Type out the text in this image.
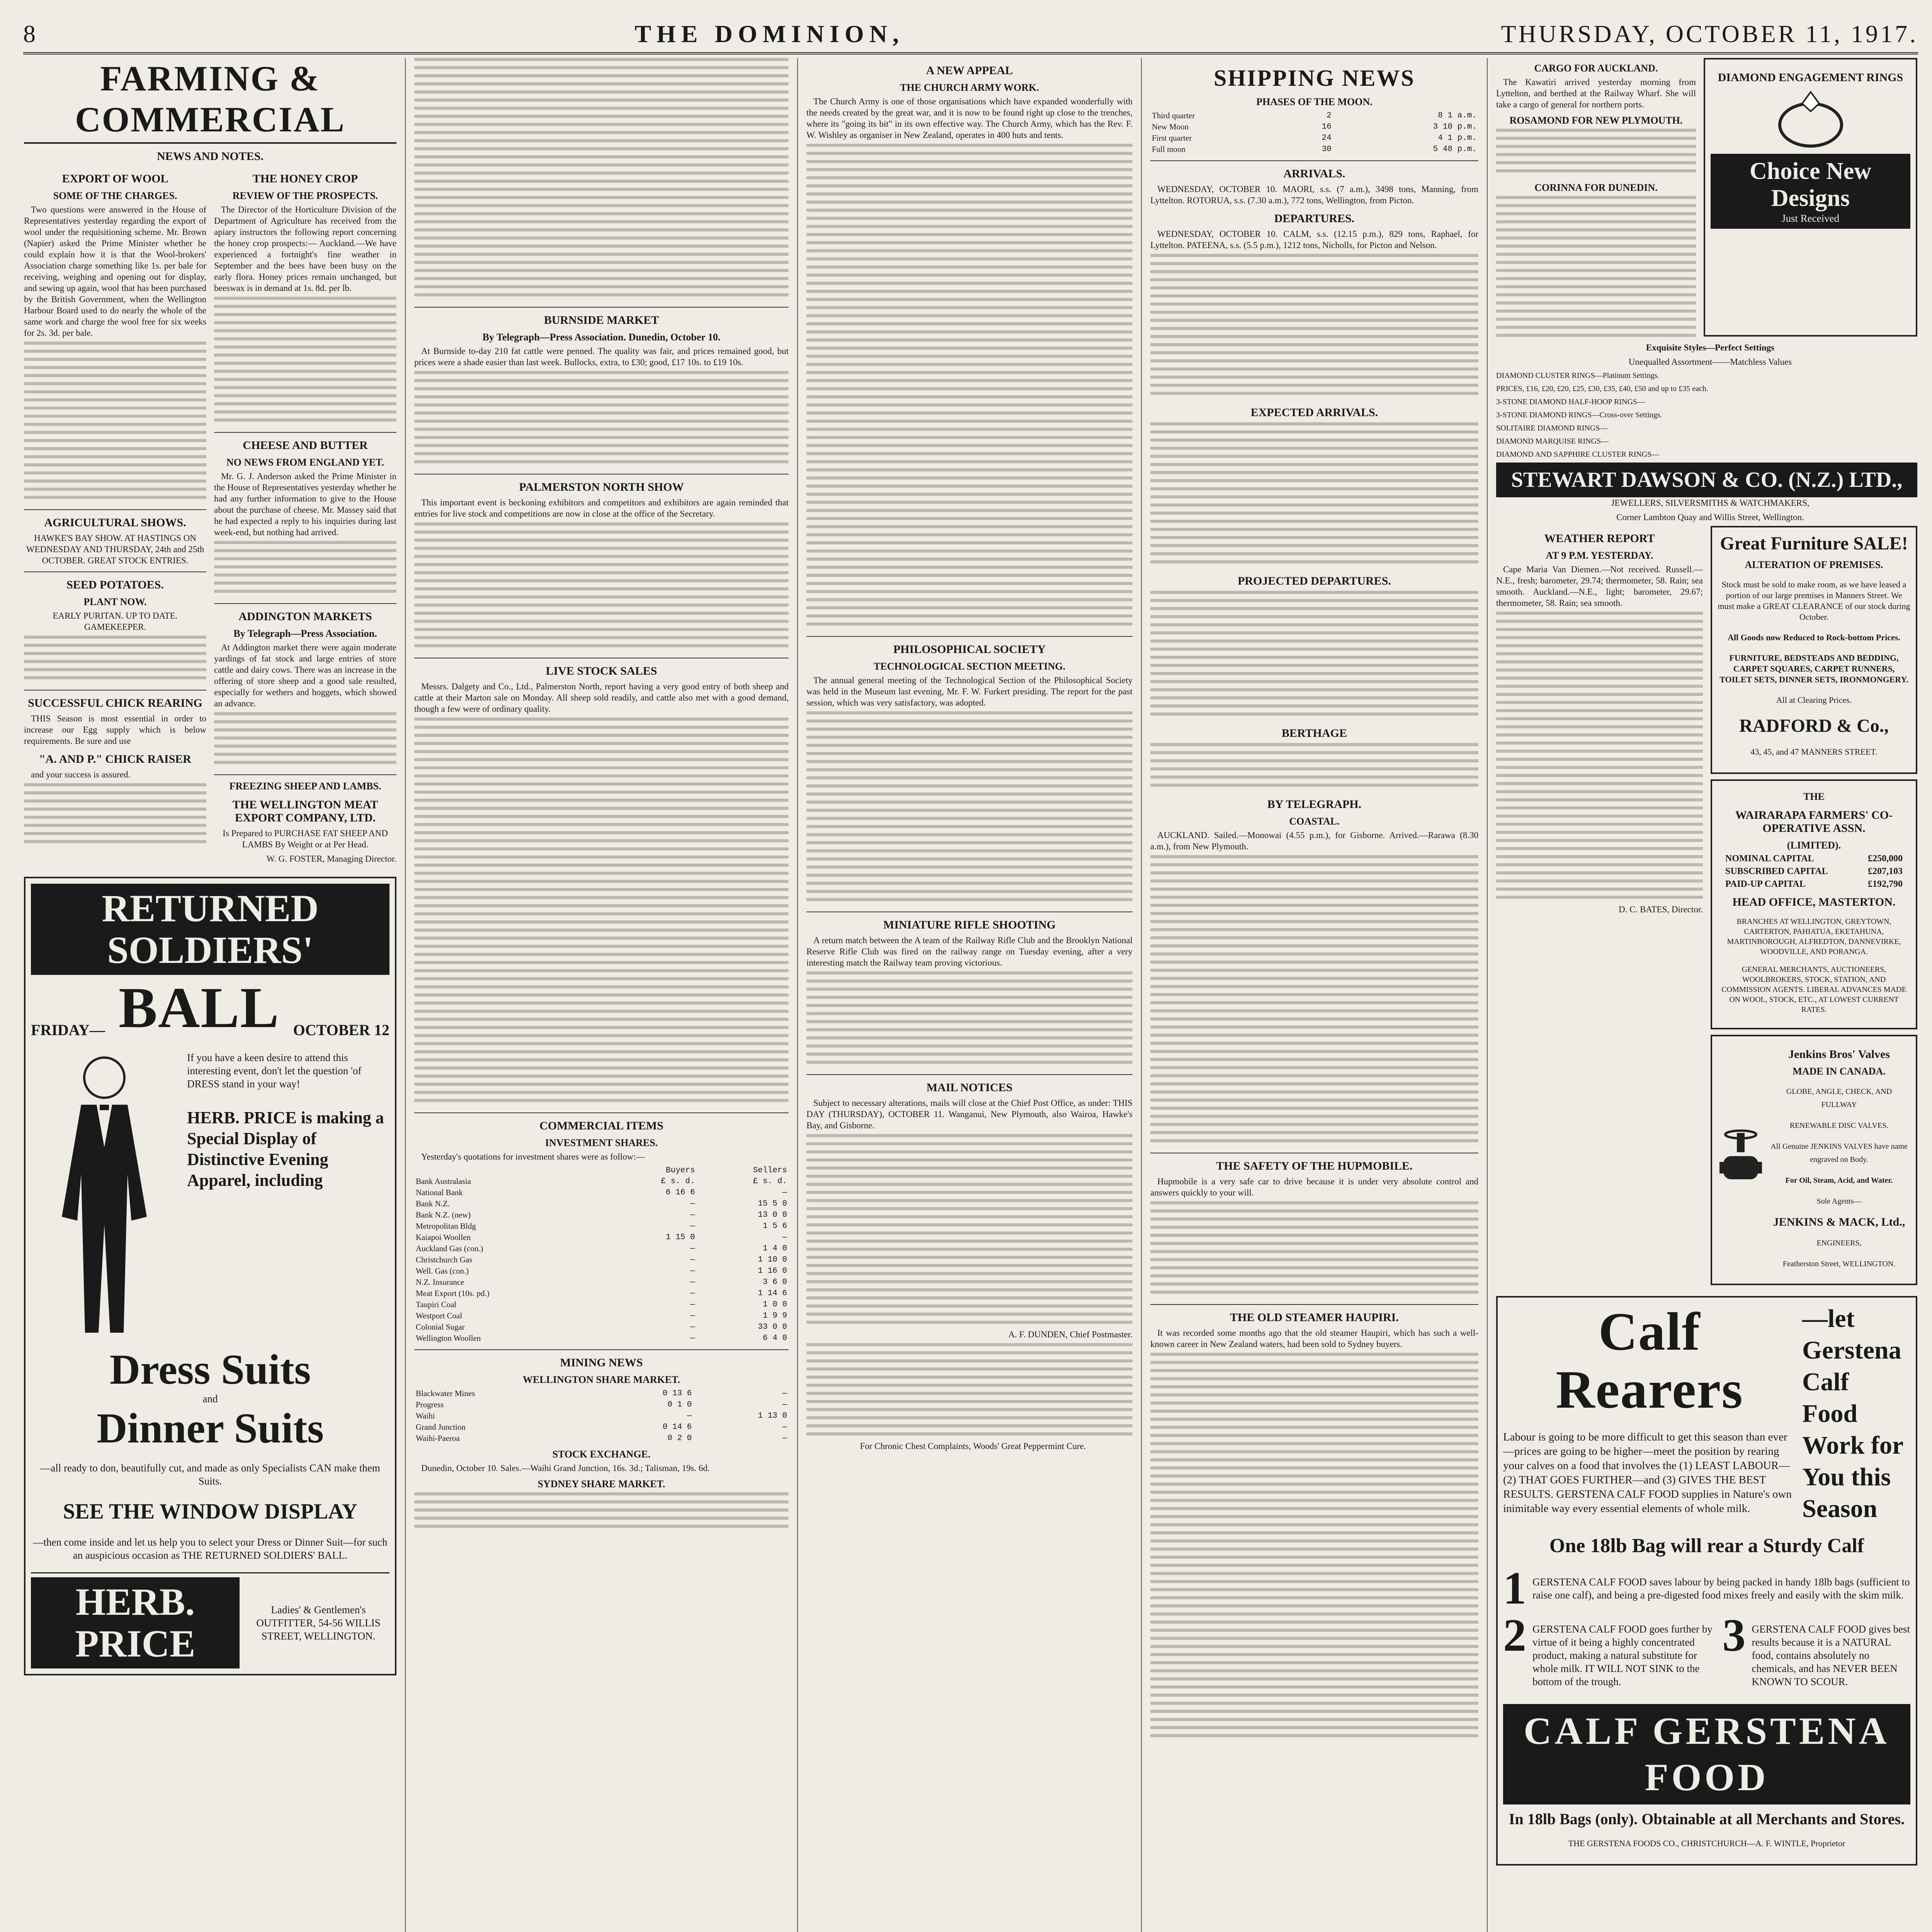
8	THE DOMINION,	THURSDAY, OCTOBER 11, 1917.
FARMING & COMMERCIAL
NEWS AND NOTES.
EXPORT OF WOOL
SOME OF THE CHARGES.

Two questions were answered in the House of Representatives yesterday regarding the export of wool under the requisitioning scheme. Mr. Brown (Napier) asked the Prime Minister whether he could explain how it is that the Wool-brokers' Association charge something like 1s. per bale for receiving, weighing and opening out for display, and sewing up again, wool that has been purchased by the British Government, when the Wellington Harbour Board used to do nearly the whole of the same work and charge the wool free for six weeks for 2s. 3d. per bale.

AGRICULTURAL SHOWS.

HAWKE'S BAY SHOW. AT HASTINGS ON WEDNESDAY AND THURSDAY, 24th and 25th OCTOBER. GREAT STOCK ENTRIES.

SEED POTATOES.
PLANT NOW.

EARLY PURITAN. UP TO DATE. GAMEKEEPER.

SUCCESSFUL CHICK REARING

THIS Season is most essential in order to increase our Egg supply which is below requirements. Be sure and use

"A. AND P." CHICK RAISER

and your success is assured.

THE HONEY CROP
REVIEW OF THE PROSPECTS.

The Director of the Horticulture Division of the Department of Agriculture has received from the apiary instructors the following report concerning the honey crop prospects:— Auckland.—We have experienced a fortnight's fine weather in September and the bees have been busy on the early flora. Honey prices remain unchanged, but beeswax is in demand at 1s. 8d. per lb.

CHEESE AND BUTTER
NO NEWS FROM ENGLAND YET.

Mr. G. J. Anderson asked the Prime Minister in the House of Representatives yesterday whether he had any further information to give to the House about the purchase of cheese. Mr. Massey said that he had expected a reply to his inquiries during last week-end, but nothing had arrived.

ADDINGTON MARKETS
By Telegraph—Press Association.

At Addington market there were again moderate yardings of fat stock and large entries of store cattle and dairy cows. There was an increase in the offering of store sheep and a good sale resulted, especially for wethers and hoggets, which showed an advance.

FREEZING SHEEP AND LAMBS.
THE WELLINGTON MEAT EXPORT COMPANY, LTD.

Is Prepared to PURCHASE FAT SHEEP AND LAMBS By Weight or at Per Head.

W. G. FOSTER, Managing Director.

RETURNED SOLDIERS'
FRIDAY— BALL OCTOBER 12

If you have a keen desire to attend this interesting event, don't let the question 'of DRESS stand in your way!

HERB. PRICE is making a Special Display of Distinctive Evening Apparel, including

Dress Suits
and
Dinner Suits

—all ready to don, beautifully cut, and made as only Specialists CAN make them Suits.

SEE THE WINDOW DISPLAY

—then come inside and let us help you to select your Dress or Dinner Suit—for such an auspicious occasion as THE RETURNED SOLDIERS' BALL.

HERB. PRICE

Ladies' & Gentlemen's OUTFITTER, 54-56 WILLIS STREET, WELLINGTON.

BURNSIDE MARKET
By Telegraph—Press Association. Dunedin, October 10.

At Burnside to-day 210 fat cattle were penned. The quality was fair, and prices remained good, but prices were a shade easier than last week. Bullocks, extra, to £30; good, £17 10s. to £19 10s.

PALMERSTON NORTH SHOW

This important event is beckoning exhibitors and competitors and exhibitors are again reminded that entries for live stock and competitions are now in close at the office of the Secretary.

LIVE STOCK SALES

Messrs. Dalgety and Co., Ltd., Palmerston North, report having a very good entry of both sheep and cattle at their Marton sale on Monday. All sheep sold readily, and cattle also met with a good demand, though a few were of ordinary quality.

COMMERCIAL ITEMS
INVESTMENT SHARES.

Yesterday's quotations for investment shares were as follow:—

	Buyers	Sellers
Bank Australasia	£ s. d.	£ s. d.
National Bank	6 16 6	—
Bank N.Z.	—	15 5 0
Bank N.Z. (new)	—	13 0 0
Metropolitan Bldg	—	1 5 6
Kaiapoi Woollen	1 15 0	—
Auckland Gas (con.)	—	1 4 0
Christchurch Gas	—	1 10 0
Well. Gas (con.)	—	1 16 0
N.Z. Insurance	—	3 6 0
Meat Export (10s. pd.)	—	1 14 6
Taupiri Coal	—	1 0 0
Westport Coal	—	1 9 9
Colonial Sugar	—	33 0 0
Wellington Woollen	—	6 4 0
MINING NEWS
WELLINGTON SHARE MARKET.
Blackwater Mines	0 13 6	—
Progress	0 1 0	—
Waihi	—	1 13 0
Grand Junction	0 14 6	—
Waihi-Paeroa	0 2 0	—
STOCK EXCHANGE.

Dunedin, October 10. Sales.—Waihi Grand Junction, 16s. 3d.; Talisman, 19s. 6d.

SYDNEY SHARE MARKET.
A NEW APPEAL
THE CHURCH ARMY WORK.

The Church Army is one of those organisations which have expanded wonderfully with the needs created by the great war, and it is now to be found right up close to the trenches, where its "going its bit" in its own effective way. The Church Army, which has the Rev. F. W. Wishley as organiser in New Zealand, operates in 400 huts and tents.

PHILOSOPHICAL SOCIETY
TECHNOLOGICAL SECTION MEETING.

The annual general meeting of the Technological Section of the Philosophical Society was held in the Museum last evening, Mr. F. W. Furkert presiding. The report for the past session, which was very satisfactory, was adopted.

MINIATURE RIFLE SHOOTING

A return match between the A team of the Railway Rifle Club and the Brooklyn National Reserve Rifle Club was fired on the railway range on Tuesday evening, after a very interesting match the Railway team proving victorious.

MAIL NOTICES

Subject to necessary alterations, mails will close at the Chief Post Office, as under: THIS DAY (THURSDAY), OCTOBER 11. Wanganui, New Plymouth, also Wairoa, Hawke's Bay, and Gisborne.

A. F. DUNDEN, Chief Postmaster.

For Chronic Chest Complaints, Woods' Great Peppermint Cure.

SHIPPING NEWS
PHASES OF THE MOON.
Third quarter	2	8 1 a.m.
New Moon	16	3 10 p.m.
First quarter	24	4 1 p.m.
Full moon	30	5 48 p.m.
ARRIVALS.

WEDNESDAY, OCTOBER 10. MAORI, s.s. (7 a.m.), 3498 tons, Manning, from Lyttelton. ROTORUA, s.s. (7.30 a.m.), 772 tons, Wellington, from Picton.

DEPARTURES.

WEDNESDAY, OCTOBER 10. CALM, s.s. (12.15 p.m.), 829 tons, Raphael, for Lyttelton. PATEENA, s.s. (5.5 p.m.), 1212 tons, Nicholls, for Picton and Nelson.

EXPECTED ARRIVALS.
PROJECTED DEPARTURES.
BERTHAGE
BY TELEGRAPH.
COASTAL.

AUCKLAND. Sailed.—Monowai (4.55 p.m.), for Gisborne. Arrived.—Rarawa (8.30 a.m.), from New Plymouth.

THE SAFETY OF THE HUPMOBILE.

Hupmobile is a very safe car to drive because it is under very absolute control and answers quickly to your will.

THE OLD STEAMER HAUPIRI.

It was recorded some months ago that the old steamer Haupiri, which has such a well-known career in New Zealand waters, had been sold to Sydney buyers.

CARGO FOR AUCKLAND.

The Kawatiri arrived yesterday morning from Lyttelton, and berthed at the Railway Wharf. She will take a cargo of general for northern ports.

ROSAMOND FOR NEW PLYMOUTH.
CORINNA FOR DUNEDIN.
DIAMOND ENGAGEMENT RINGS
Choice New Designs
Just Received

Exquisite Styles—Perfect Settings

Unequalled Assortment——Matchless Values

DIAMOND CLUSTER RINGS—Platinum Settings.

PRICES, £16, £20, £20, £25, £30, £35, £40, £50 and up to £35 each.

3-STONE DIAMOND HALF-HOOP RINGS—

3-STONE DIAMOND RINGS—Cross-over Settings.

SOLITAIRE DIAMOND RINGS—

DIAMOND MARQUISE RINGS—

DIAMOND AND SAPPHIRE CLUSTER RINGS—

STEWART DAWSON & CO. (N.Z.) LTD.,

JEWELLERS, SILVERSMITHS & WATCHMAKERS,

Corner Lambton Quay and Willis Street, Wellington.

WEATHER REPORT
AT 9 P.M. YESTERDAY.

Cape Maria Van Diemen.—Not received. Russell.—N.E., fresh; barometer, 29.74; thermometer, 58. Rain; sea smooth. Auckland.—N.E., light; barometer, 29.67; thermometer, 58. Rain; sea smooth.

D. C. BATES, Director.

Great Furniture SALE!
ALTERATION OF PREMISES.

Stock must be sold to make room, as we have leased a portion of our large premises in Manners Street. We must make a GREAT CLEARANCE of our stock during October.

All Goods now Reduced to Rock-bottom Prices.

FURNITURE, BEDSTEADS AND BEDDING, CARPET SQUARES, CARPET RUNNERS, TOILET SETS, DINNER SETS, IRONMONGERY.

All at Clearing Prices.

RADFORD & Co.,

43, 45, and 47 MANNERS STREET.

THE
WAIRARAPA FARMERS' CO-OPERATIVE ASSN.
(LIMITED).
NOMINAL CAPITAL	£250,000
SUBSCRIBED CAPITAL	£207,103
PAID-UP CAPITAL	£192,790
HEAD OFFICE, MASTERTON.

BRANCHES AT WELLINGTON, GREYTOWN, CARTERTON, PAHIATUA, EKETAHUNA, MARTINBOROUGH, ALFREDTON, DANNEVIRKE, WOODVILLE, AND PORANGA.

GENERAL MERCHANTS, AUCTIONEERS, WOOLBROKERS, STOCK, STATION, AND COMMISSION AGENTS. LIBERAL ADVANCES MADE ON WOOL, STOCK, ETC., AT LOWEST CURRENT RATES.

Jenkins Bros' Valves
MADE IN CANADA.

GLOBE, ANGLE, CHECK, AND FULLWAY

RENEWABLE DISC VALVES.

All Genuine JENKINS VALVES have name engraved on Body.

For Oil, Steam, Acid, and Water.

Sole Agents—

JENKINS & MACK, Ltd.,

ENGINEERS,

Featherston Street, WELLINGTON.

Calf Rearers

Labour is going to be more difficult to get this season than ever—prices are going to be higher—meet the position by rearing your calves on a food that involves the (1) LEAST LABOUR—(2) THAT GOES FURTHER—and (3) GIVES THE BEST RESULTS. GERSTENA CALF FOOD supplies in Nature's own inimitable way every essential elements of whole milk.

—let Gerstena Calf Food Work for You this Season
One 18lb Bag will rear a Sturdy Calf
1 GERSTENA CALF FOOD saves labour by being packed in handy 18lb bags (sufficient to raise one calf), and being a pre-digested food mixes freely and easily with the skim milk.

2 GERSTENA CALF FOOD goes further by virtue of it being a highly concentrated product, making a natural substitute for whole milk. IT WILL NOT SINK to the bottom of the trough.

3 GERSTENA CALF FOOD gives best results because it is a NATURAL food, contains absolutely no chemicals, and has NEVER BEEN KNOWN TO SCOUR.

CALF GERSTENA FOOD
In 18lb Bags (only). Obtainable at all Merchants and Stores.

THE GERSTENA FOODS CO., CHRISTCHURCH—A. F. WINTLE, Proprietor
